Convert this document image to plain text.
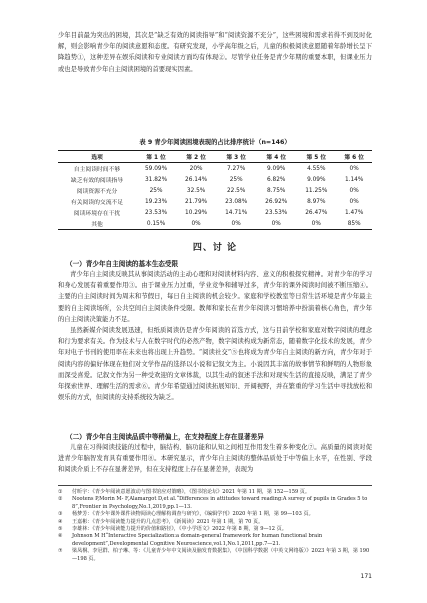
少年目前最为突出的困境，其次是“缺乏有效的阅读指导”和“阅读资源不充分”，这些困境和需求若得不到及时化解，则会影响青少年的阅读意愿和态度。有研究发现，小学高年级之后，儿童的积极阅读意愿随着年龄增长呈下降趋势①，这种差异在娱乐阅读和专业阅读方面均有体现②。尽管学业任务是青少年期的重要本职，但课业压力或也是导致青少年自主阅读困境的首要现实因素。

表 9 青少年阅读困境表现的占比排序统计（n=146）
选项	第 1 位	第 2 位	第 3 位	第 4 位	第 5 位	第 6 位
自主阅读时间不够	59.09%	20%	7.27%	9.09%	4.55%	0%
缺乏有效的阅读指导	31.82%	26.14%	25%	6.82%	9.09%	1.14%
阅读资源不充分	25%	32.5%	22.5%	8.75%	11.25%	0%
有关阅读的交流不足	19.23%	21.79%	23.08%	26.92%	8.97%	0%
阅读环境存在干扰	23.53%	10.29%	14.71%	23.53%	26.47%	1.47%
其他	0.15%	0%	0%	0%	0%	85%
四、讨 论
（一）青少年自主阅读的基本生态受限

青少年自主阅读反映其从事阅读活动的主动心理和对阅读材料内容、意义的积极探究精神。对青少年的学习和身心发展有着重要作用③。由于课业压力过重，学业竞争和辅导过多，青少年的课外阅读时间被不断压缩④。主要的自主阅读时间为周末和节假日，每日自主阅读的机会较少。家庭和学校教室等日常生活环境是青少年最主要的自主阅读场所，公共空间自主阅读条件受限。教师和家长在青少年阅读习惯培养中扮演着核心角色，青少年的自主阅读决策能力不足。

虽然新媒介阅读发展迅速，但纸质阅读仍是青少年阅读的首选方式，这与目前学校和家庭对数字阅读的理念和行为要求有关。作为技术与人在数字时代的必然产物，数字阅读构成为新常态，随着数字化技术的发展，青少年对电子书刊的使用率在未来也将出现上升趋势。“阅读社交”⑤也将成为青少年自主阅读的新方向，青少年对于阅读内容的偏好体现在他们对文学作品的选择以小说和记叙文为主。小说因其丰富的故事情节和鲜明的人物形象而深受喜爱。记叙文作为另一种受欢迎的文章体裁，以其生动的叙述手法和对现实生活的直接反映，满足了青少年探索世界、理解生活的需求⑥。青少年希望通过阅读拓展知识、开阔视野，并在繁重的学习生活中寻找放松和娱乐的方式，但阅读的支持系统较为缺乏。

（二）青少年自主阅读品质中等稍偏上，在支持程度上存在显著差异

儿童在习得阅读技能的过程中，脑结构、脑功能和认知之间相互作用发生着多种变化⑦。高质量的阅读对促进青少年脑智发育具有重要作用⑧。本研究显示，青少年自主阅读的整体品质处于中等偏上水平，在性别、学段和阅读介质上不存在显著差异，但在支持程度上存在显著差异，表现为

①	付昕宇：《青少年阅读意愿波动与图书馆应对策略》，《图书馆论坛》2021 年第 11 期，第 152—159 页。
②	Nootens P,Morin M- F,Alamargot D,et al.“Differences in attitudes toward reading:A survey of pupils in Grades 5 to 8”,Frontier in Psychology,No.1,2019,pp.1—13.
③	杨梦芳：《青少年课外课件读物阅读心理解构调查与研究》，《编辑学刊》2020 年第 1 期，第 99—103 页。
④	王嘉彬：《青少年阅读能力提升的几点思考》，《新阅读》2021 年第 1 期，第 70 页。
⑤	李雄林：《青少年阅读能力提升的价值和路径》，《中小学语文》2022 年第 8 期，第 9—12 页。
⑥	Johnson M H“Interactive Specialization:a domain-general framework for human functional brain development”,Developmental Cognitive Neuroscience,vol.1,No.1,2011,pp.7—21.
⑦	梁凤桐、李冠群、柏子琳、等：《儿童青少年中文阅读及脑发育数据集》，《中国科学数据（中英文网络版）》2023 年第 3 期，第 190—198 页。
171
